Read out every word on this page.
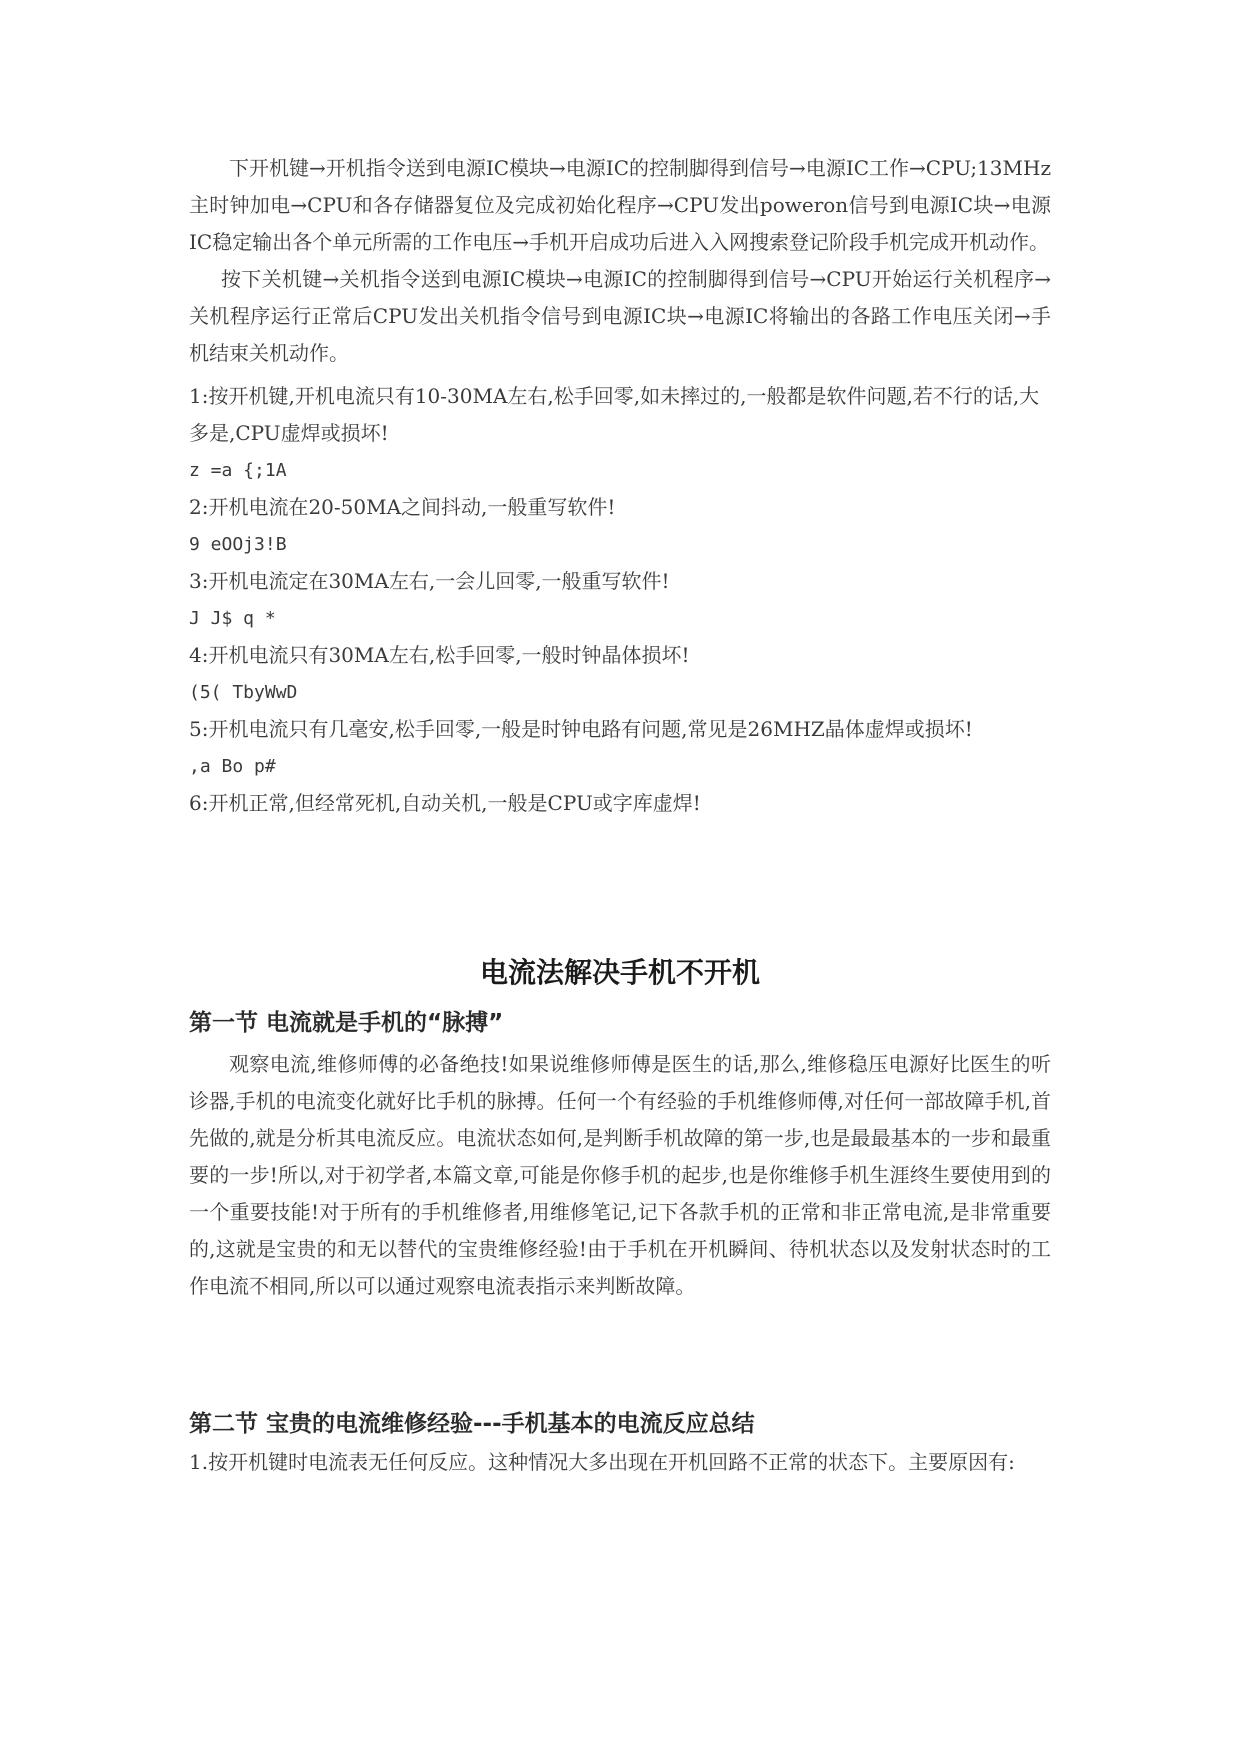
下开机键→开机指令送到电源IC模块→电源IC的控制脚得到信号→电源IC工作→CPU;13MHz主时钟加电→CPU和各存储器复位及完成初始化程序→CPU发出poweron信号到电源IC块→电源IC稳定输出各个单元所需的工作电压→手机开启成功后进入入网搜索登记阶段手机完成开机动作。

按下关机键→关机指令送到电源IC模块→电源IC的控制脚得到信号→CPU开始运行关机程序→关机程序运行正常后CPU发出关机指令信号到电源IC块→电源IC将输出的各路工作电压关闭→手机结束关机动作。

1:按开机键,开机电流只有10-30MA左右,松手回零,如未摔过的,一般都是软件问题,若不行的话,大多是,CPU虚焊或损坏!

z =a {;1A

2:开机电流在20-50MA之间抖动,一般重写软件!

9 eOOj3!B

3:开机电流定在30MA左右,一会儿回零,一般重写软件!

J J$ q *

4:开机电流只有30MA左右,松手回零,一般时钟晶体损坏!

(5( TbyWwD

5:开机电流只有几毫安,松手回零,一般是时钟电路有问题,常见是26MHZ晶体虚焊或损坏!

,a Bo p#

6:开机正常,但经常死机,自动关机,一般是CPU或字库虚焊!

电流法解决手机不开机
第一节 电流就是手机的“脉搏”

观察电流,维修师傅的必备绝技!如果说维修师傅是医生的话,那么,维修稳压电源好比医生的听诊器,手机的电流变化就好比手机的脉搏。任何一个有经验的手机维修师傅,对任何一部故障手机,首先做的,就是分析其电流反应。电流状态如何,是判断手机故障的第一步,也是最最基本的一步和最重要的一步!所以,对于初学者,本篇文章,可能是你修手机的起步,也是你维修手机生涯终生要使用到的一个重要技能!对于所有的手机维修者,用维修笔记,记下各款手机的正常和非正常电流,是非常重要的,这就是宝贵的和无以替代的宝贵维修经验!由于手机在开机瞬间、待机状态以及发射状态时的工作电流不相同,所以可以通过观察电流表指示来判断故障。

第二节 宝贵的电流维修经验---手机基本的电流反应总结

1.按开机键时电流表无任何反应。这种情况大多出现在开机回路不正常的状态下。主要原因有:
